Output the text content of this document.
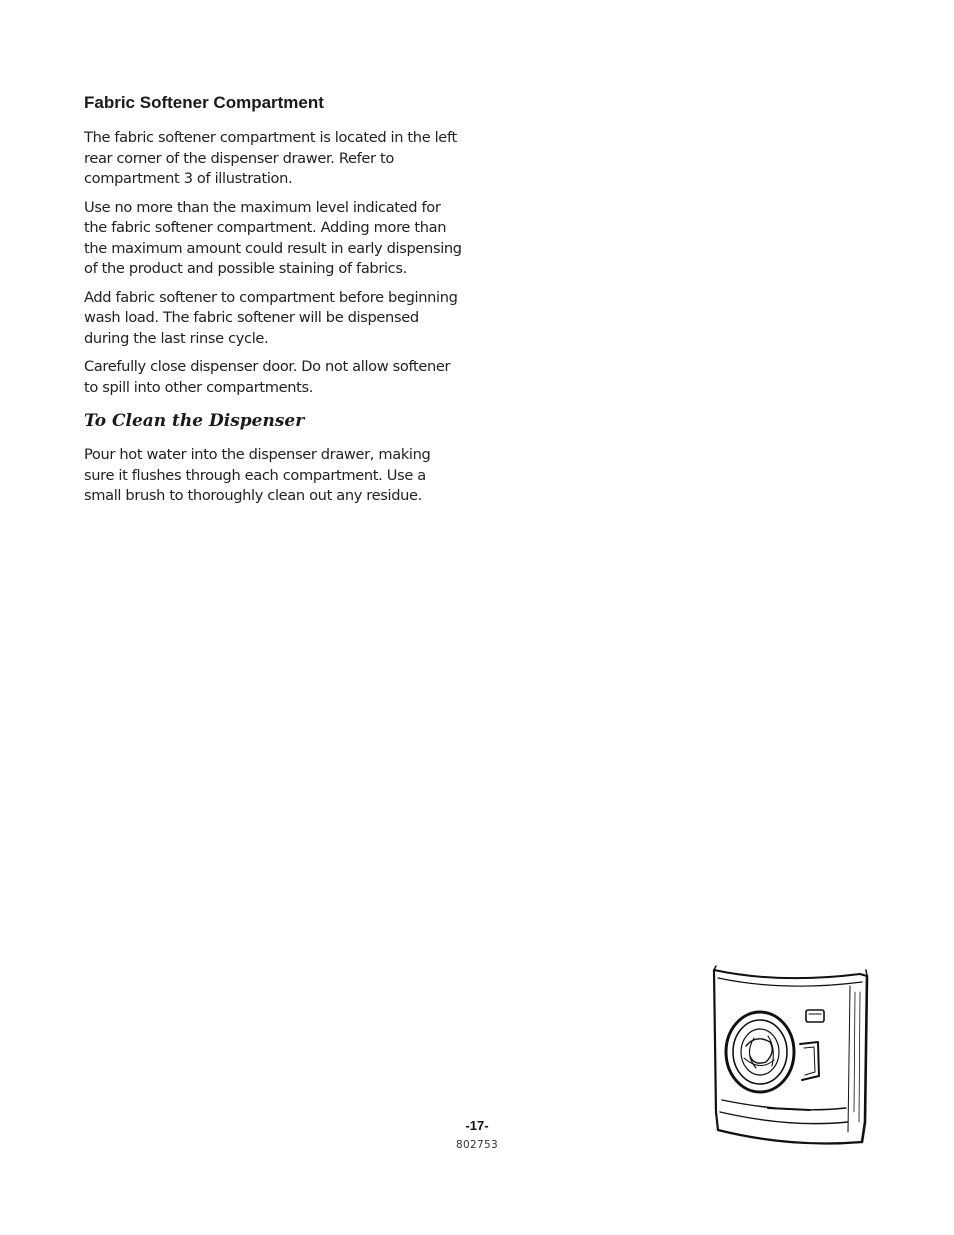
Fabric Softener Compartment

The fabric softener compartment is located in the left rear corner of the dispenser drawer. Refer to compartment 3 of illustration.

Use no more than the maximum level indicated for the fabric softener compartment. Adding more than the maximum amount could result in early dispensing of the product and possible staining of fabrics.

Add fabric softener to compartment before beginning wash load. The fabric softener will be dispensed during the last rinse cycle.

Carefully close dispenser door. Do not allow softener to spill into other compartments.

To Clean the Dispenser

Pour hot water into the dispenser drawer, making sure it flushes through each compartment. Use a small brush to thoroughly clean out any residue.

-17-
802753
